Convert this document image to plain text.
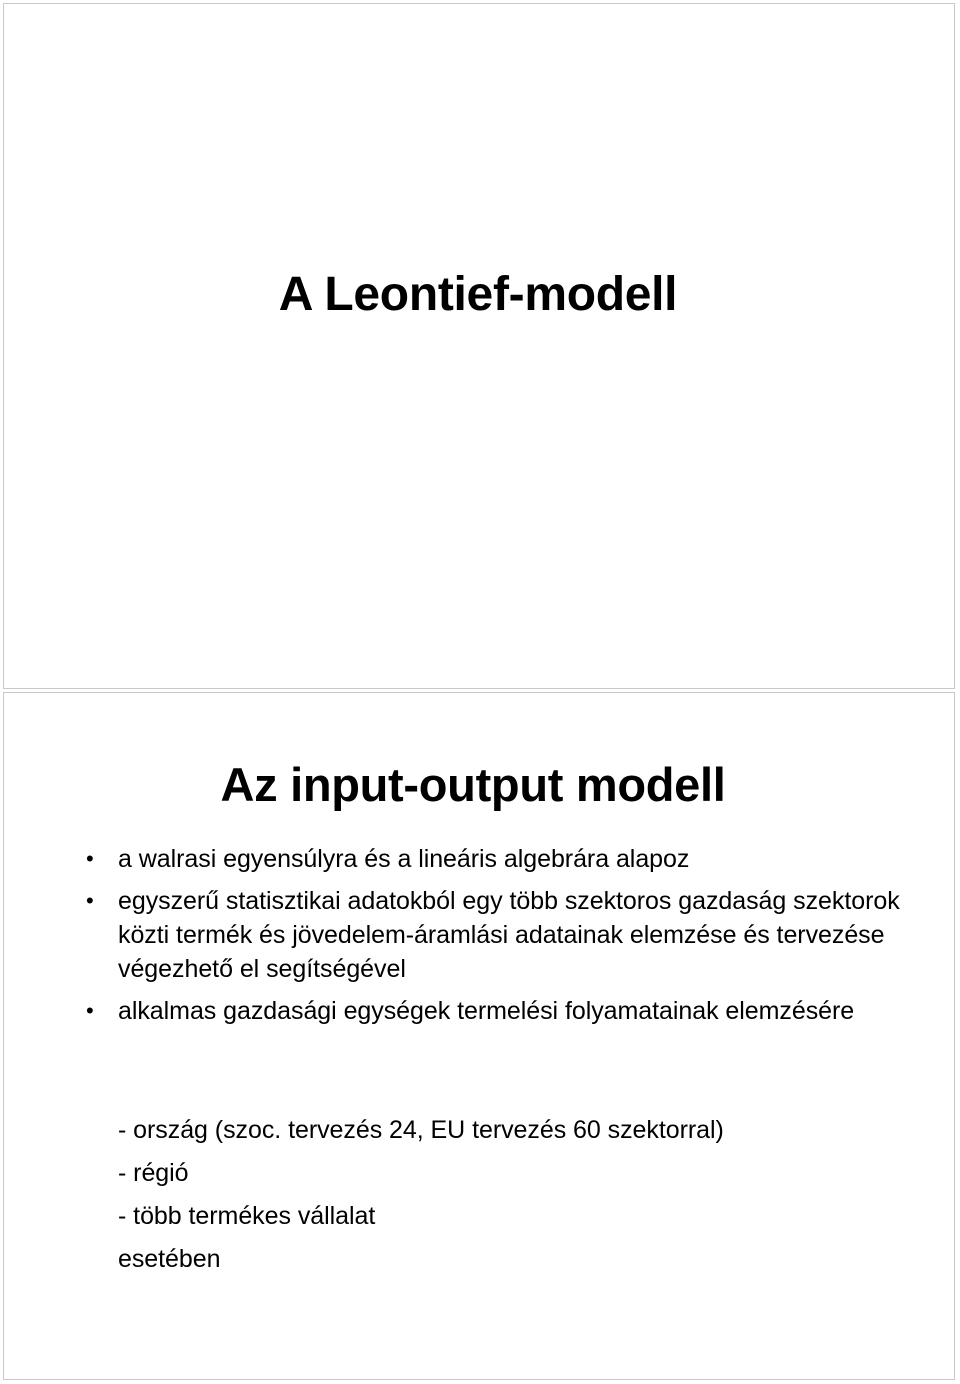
A Leontief-modell
Az input-output modell
• a walrasi egyensúlyra és a lineáris algebrára alapoz
• egyszerű statisztikai adatokból egy több szektoros gazdaság szektorok közti termék és jövedelem-áramlási adatainak elemzése és tervezése végezhető el segítségével
• alkalmas gazdasági egységek termelési folyamatainak elemzésére
- ország (szoc. tervezés 24, EU tervezés 60 szektorral)
- régió
- több termékes vállalat
esetében
